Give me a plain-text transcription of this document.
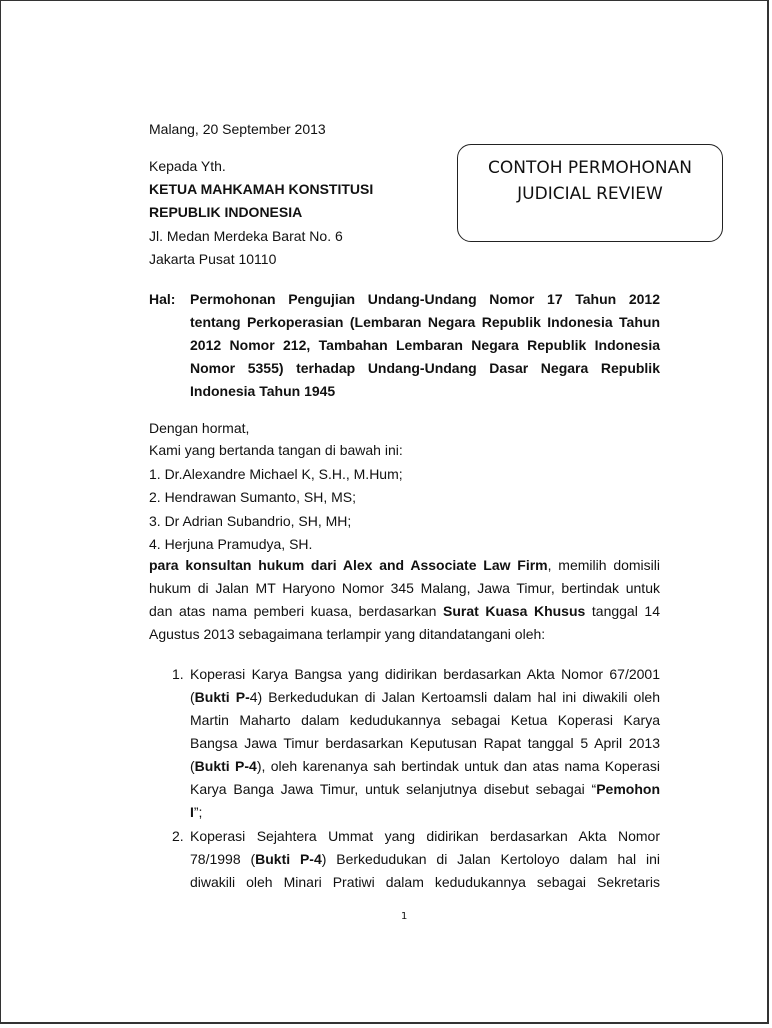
Malang, 20 September 2013
Kepada Yth.
KETUA MAHKAMAH KONSTITUSI
REPUBLIK INDONESIA
Jl. Medan Merdeka Barat No. 6
Jakarta Pusat 10110
CONTOH PERMOHONAN
JUDICIAL REVIEW
Hal: Permohonan Pengujian Undang-Undang Nomor 17 Tahun 2012
tentang Perkoperasian (Lembaran Negara Republik Indonesia Tahun
2012 Nomor 212, Tambahan Lembaran Negara Republik Indonesia
Nomor 5355) terhadap Undang-Undang Dasar Negara Republik
Indonesia Tahun 1945
Dengan hormat,
Kami yang bertanda tangan di bawah ini:
1. Dr.Alexandre Michael K, S.H., M.Hum;
2. Hendrawan Sumanto, SH, MS;
3. Dr Adrian Subandrio, SH, MH;
4. Herjuna Pramudya, SH.
para konsultan hukum dari Alex and Associate Law Firm, memilih domisili
hukum di Jalan MT Haryono Nomor 345 Malang, Jawa Timur, bertindak untuk
dan atas nama pemberi kuasa, berdasarkan Surat Kuasa Khusus tanggal 14
Agustus 2013 sebagaimana terlampir yang ditandatangani oleh:
1. Koperasi Karya Bangsa yang didirikan berdasarkan Akta Nomor 67/2001
(Bukti P-4) Berkedudukan di Jalan Kertoamsli dalam hal ini diwakili oleh
Martin Maharto dalam kedudukannya sebagai Ketua Koperasi Karya
Bangsa Jawa Timur berdasarkan Keputusan Rapat tanggal 5 April 2013
(Bukti P-4), oleh karenanya sah bertindak untuk dan atas nama Koperasi
Karya Banga Jawa Timur, untuk selanjutnya disebut sebagai “Pemohon
I”;
2. Koperasi Sejahtera Ummat yang didirikan berdasarkan Akta Nomor
78/1998 (Bukti P-4) Berkedudukan di Jalan Kertoloyo dalam hal ini
diwakili oleh Minari Pratiwi dalam kedudukannya sebagai Sekretaris
1
